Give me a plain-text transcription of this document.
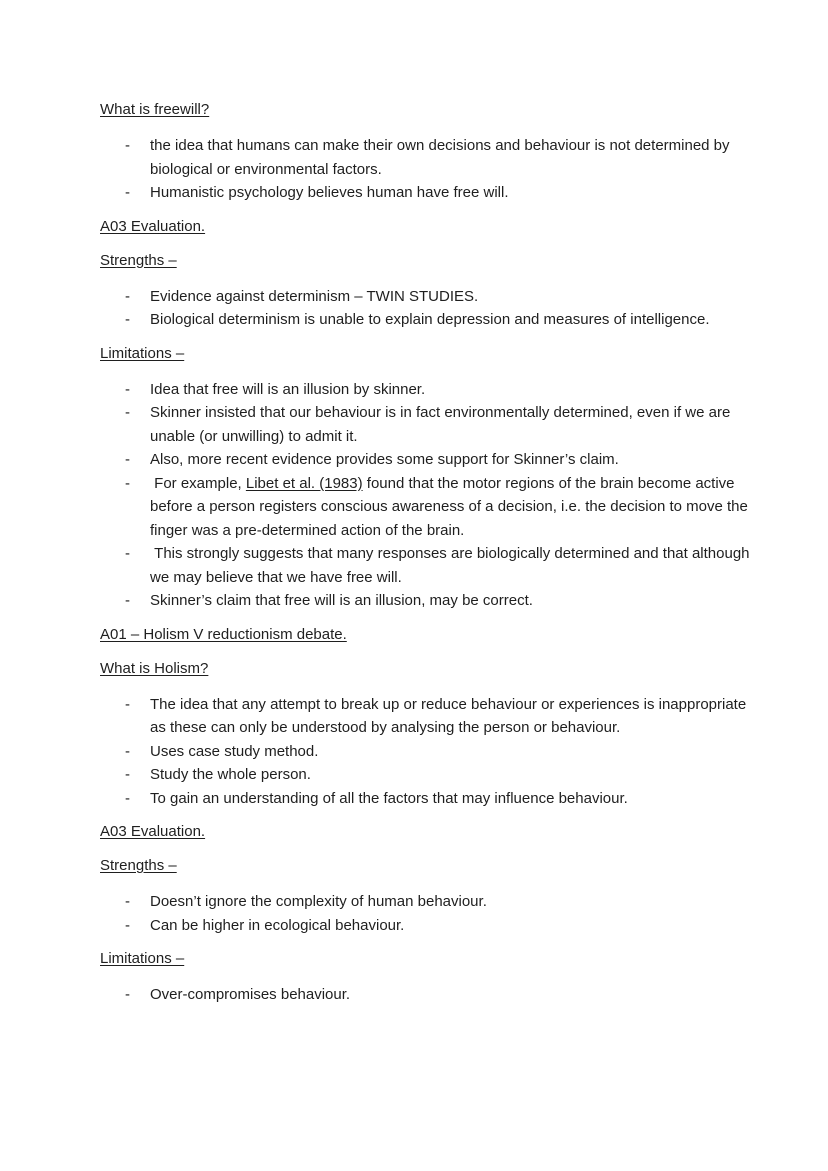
What is freewill?
- the idea that humans can make their own decisions and behaviour is not determined by biological or environmental factors.
- Humanistic psychology believes human have free will.
A03 Evaluation.
Strengths –
- Evidence against determinism – TWIN STUDIES.
- Biological determinism is unable to explain depression and measures of intelligence.
Limitations –
- Idea that free will is an illusion by skinner.
- Skinner insisted that our behaviour is in fact environmentally determined, even if we are unable (or unwilling) to admit it.
- Also, more recent evidence provides some support for Skinner’s claim.
- For example, Libet et al. (1983) found that the motor regions of the brain become active before a person registers conscious awareness of a decision, i.e. the decision to move the finger was a pre-determined action of the brain.
- This strongly suggests that many responses are biologically determined and that although we may believe that we have free will.
- Skinner’s claim that free will is an illusion, may be correct.
A01 – Holism V reductionism debate.
What is Holism?
- The idea that any attempt to break up or reduce behaviour or experiences is inappropriate as these can only be understood by analysing the person or behaviour.
- Uses case study method.
- Study the whole person.
- To gain an understanding of all the factors that may influence behaviour.
A03 Evaluation.
Strengths –
- Doesn’t ignore the complexity of human behaviour.
- Can be higher in ecological behaviour.
Limitations –
- Over-compromises behaviour.
